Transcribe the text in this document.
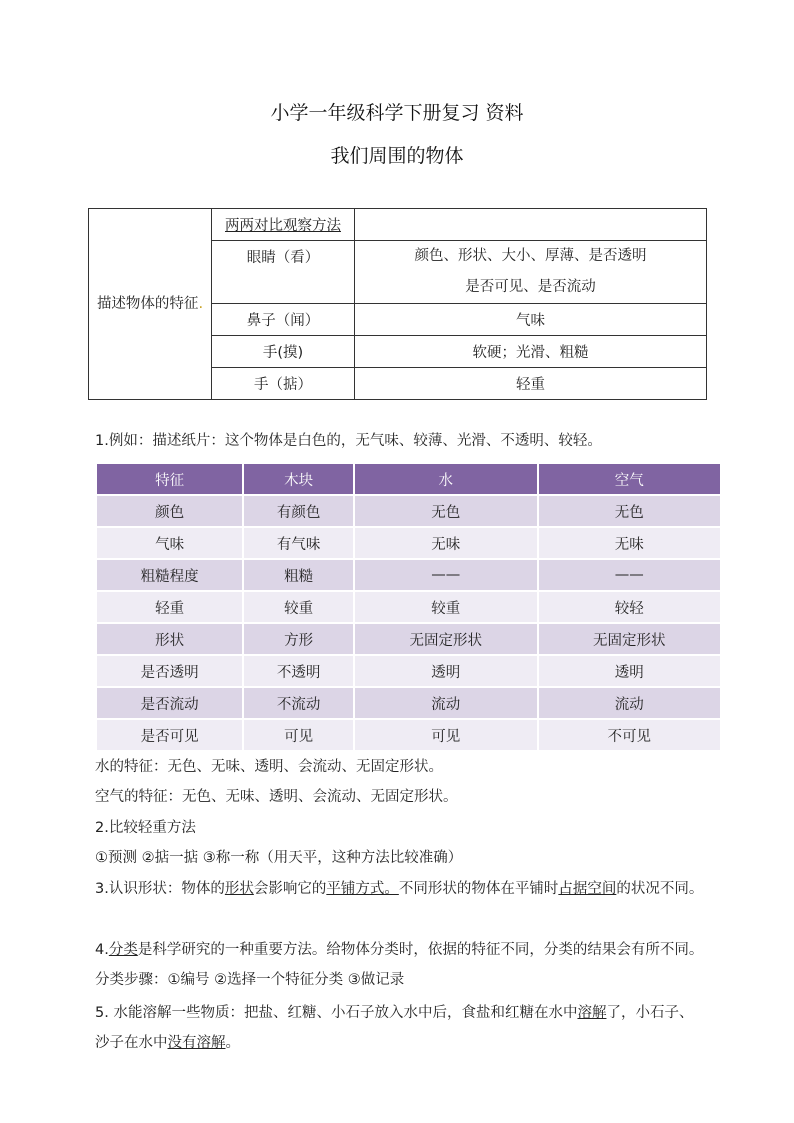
小学一年级科学下册复习 资料
我们周围的物体
描述物体的特征.	两两对比观察方法	
	眼睛（看）	颜色、形状、大小、厚薄、是否透明
是否可见、是否流动

	鼻子（闻）	气味
	手(摸)	软硬；光滑、粗糙
	手（掂）	轻重
1.例如：描述纸片：这个物体是白色的，无气味、较薄、光滑、不透明、较轻。
特征	木块	水	空气
颜色	有颜色	无色	无色
气味	有气味	无味	无味
粗糙程度	粗糙	——	——
轻重	较重	较重	较轻
形状	方形	无固定形状	无固定形状
是否透明	不透明	透明	透明
是否流动	不流动	流动	流动
是否可见	可见	可见	不可见
水的特征：无色、无味、透明、会流动、无固定形状。
空气的特征：无色、无味、透明、会流动、无固定形状。
2.比较轻重方法
①预测 ②掂一掂 ③称一称（用天平，这种方法比较准确）
3.认识形状：物体的形状会影响它的平铺方式。不同形状的物体在平铺时占据空间的状况不同。
4.分类是科学研究的一种重要方法。给物体分类时，依据的特征不同，分类的结果会有所不同。分类步骤：①编号 ②选择一个特征分类 ③做记录
5. 水能溶解一些物质：把盐、红糖、小石子放入水中后，食盐和红糖在水中溶解了，小石子、沙子在水中没有溶解。
